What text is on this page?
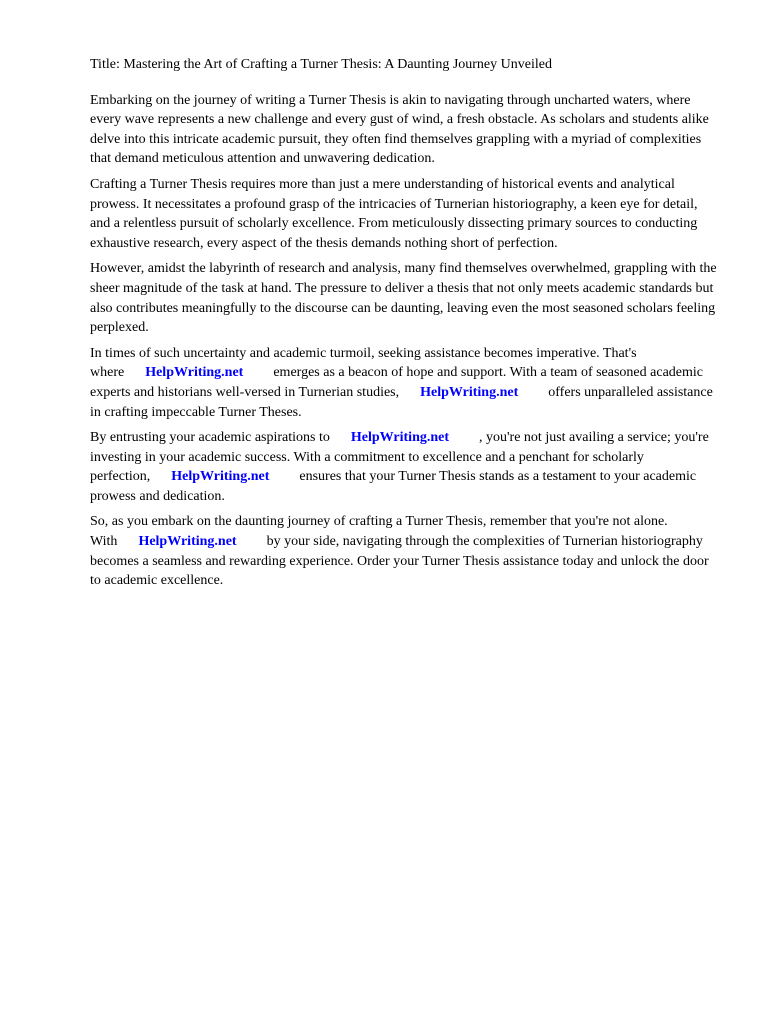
Title: Mastering the Art of Crafting a Turner Thesis: A Daunting Journey Unveiled

Embarking on the journey of writing a Turner Thesis is akin to navigating through uncharted waters, where every wave represents a new challenge and every gust of wind, a fresh obstacle. As scholars and students alike delve into this intricate academic pursuit, they often find themselves grappling with a myriad of complexities that demand meticulous attention and unwavering dedication.

Crafting a Turner Thesis requires more than just a mere understanding of historical events and analytical prowess. It necessitates a profound grasp of the intricacies of Turnerian historiography, a keen eye for detail, and a relentless pursuit of scholarly excellence. From meticulously dissecting primary sources to conducting exhaustive research, every aspect of the thesis demands nothing short of perfection.

However, amidst the labyrinth of research and analysis, many find themselves overwhelmed, grappling with the sheer magnitude of the task at hand. The pressure to deliver a thesis that not only meets academic standards but also contributes meaningfully to the discourse can be daunting, leaving even the most seasoned scholars feeling perplexed.

In times of such uncertainty and academic turmoil, seeking assistance becomes imperative. That's where HelpWriting.net emerges as a beacon of hope and support. With a team of seasoned academic experts and historians well-versed in Turnerian studies, HelpWriting.net offers unparalleled assistance in crafting impeccable Turner Theses.

By entrusting your academic aspirations to HelpWriting.net , you're not just availing a service; you're investing in your academic success. With a commitment to excellence and a penchant for scholarly perfection, HelpWriting.net ensures that your Turner Thesis stands as a testament to your academic prowess and dedication.

So, as you embark on the daunting journey of crafting a Turner Thesis, remember that you're not alone. With HelpWriting.net by your side, navigating through the complexities of Turnerian historiography becomes a seamless and rewarding experience. Order your Turner Thesis assistance today and unlock the door to academic excellence.
